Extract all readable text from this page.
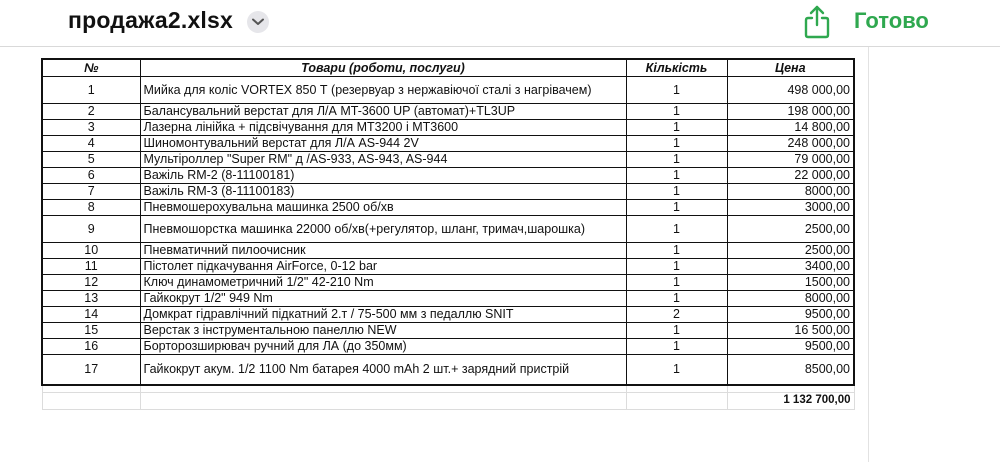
продажа2.xlsx	Готово
№	Товари (роботи, послуги)	Кількість	Цена
1	Мийка для коліс VORTEX 850 Т (резервуар з нержавіючої сталі з нагрівачем)	1	498 000,00
2	Балансувальний верстат для Л/А MT-3600 UP (автомат)+TL3UP	1	198 000,00
3	Лазерна лінійка + підсвічування для MT3200 і MT3600	1	14 800,00
4	Шиномонтувальний верстат для Л/А AS-944 2V	1	248 000,00
5	Мультіроллер "Super RM" д /AS-933, AS-943, AS-944	1	79 000,00
6	Важіль RM-2 (8-11100181)	1	22 000,00
7	Важіль RM-3 (8-11100183)	1	8000,00
8	Пневмошерохувальна машинка 2500 об/хв	1	3000,00
9	Пневмошорстка машинка 22000 об/хв(+регулятор, шланг, тримач,шарошка)	1	2500,00
10	Пневматичний пилоочисник	1	2500,00
11	Пістолет підкачування AirForce, 0-12 bar	1	3400,00
12	Ключ динамометричний 1/2" 42-210 Nm	1	1500,00
13	Гайкокрут 1/2" 949 Nm	1	8000,00
14	Домкрат гідравлічний підкатний 2.т / 75-500 мм з педаллю SNIT	2	9500,00
15	Верстак з інструментальною панеллю NEW	1	16 500,00
16	Борторозширювач ручний для ЛА (до 350мм)	1	9500,00
17	Гайкокрут акум. 1/2 1100 Nm батарея 4000 mAh 2 шт.+ зарядний пристрій	1	8500,00

			1 132 700,00
